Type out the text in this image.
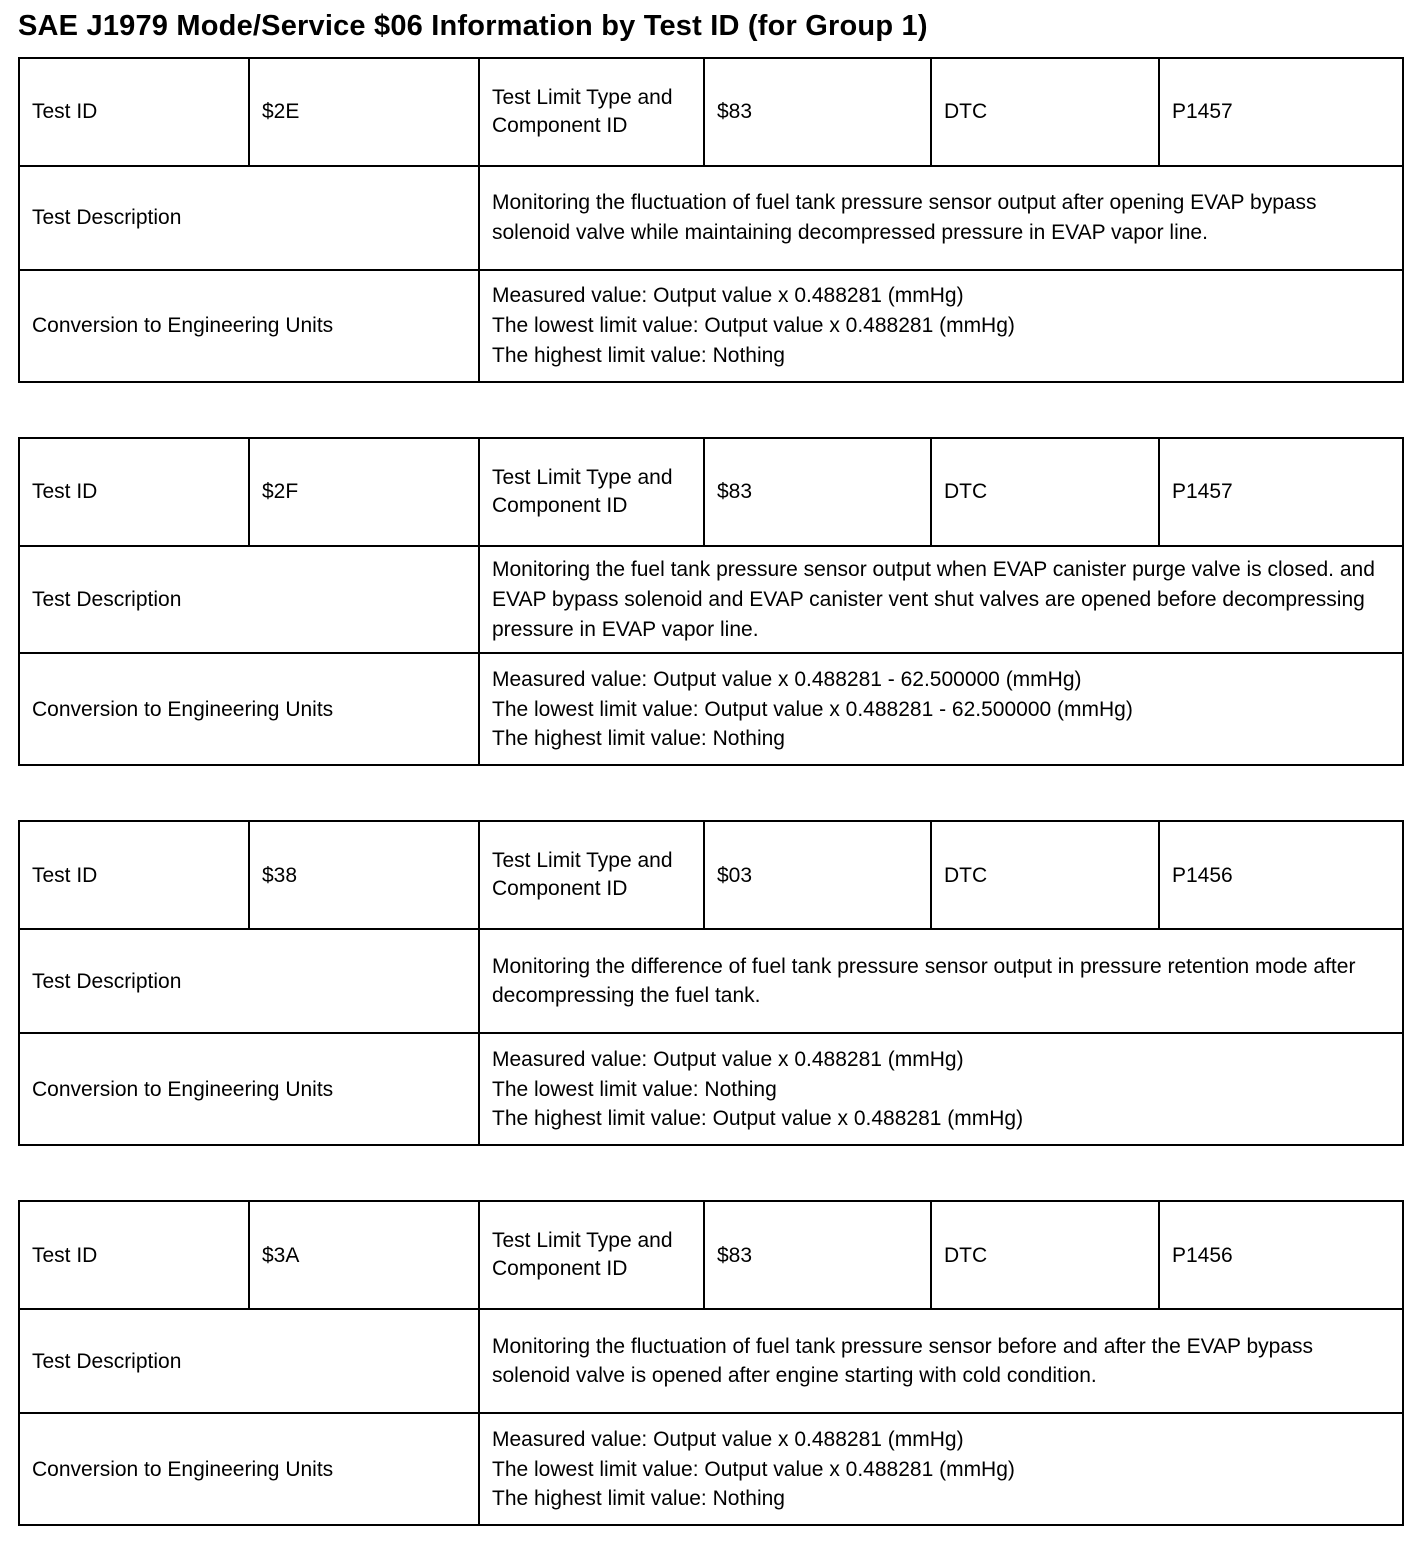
SAE J1979 Mode/Service $06 Information by Test ID (for Group 1)
Test ID	$2E	Test Limit Type and Component ID	$83	DTC	P1457
Test Description		Monitoring the fluctuation of fuel tank pressure sensor output after opening EVAP bypass solenoid valve while maintaining decompressed pressure in EVAP vapor line.			
Conversion to Engineering Units		Measured value: Output value x 0.488281 (mmHg)
The lowest limit value: Output value x 0.488281 (mmHg)
The highest limit value: Nothing			
Test ID	$2F	Test Limit Type and Component ID	$83	DTC	P1457
Test Description		Monitoring the fuel tank pressure sensor output when EVAP canister purge valve is closed. and EVAP bypass solenoid and EVAP canister vent shut valves are opened before decompressing pressure in EVAP vapor line.			
Conversion to Engineering Units		Measured value: Output value x 0.488281 - 62.500000 (mmHg)
The lowest limit value: Output value x 0.488281 - 62.500000 (mmHg)
The highest limit value: Nothing			
Test ID	$38	Test Limit Type and Component ID	$03	DTC	P1456
Test Description		Monitoring the difference of fuel tank pressure sensor output in pressure retention mode after decompressing the fuel tank.			
Conversion to Engineering Units		Measured value: Output value x 0.488281 (mmHg)
The lowest limit value: Nothing
The highest limit value: Output value x 0.488281 (mmHg)			
Test ID	$3A	Test Limit Type and Component ID	$83	DTC	P1456
Test Description		Monitoring the fluctuation of fuel tank pressure sensor before and after the EVAP bypass solenoid valve is opened after engine starting with cold condition.			
Conversion to Engineering Units		Measured value: Output value x 0.488281 (mmHg)
The lowest limit value: Output value x 0.488281 (mmHg)
The highest limit value: Nothing			
